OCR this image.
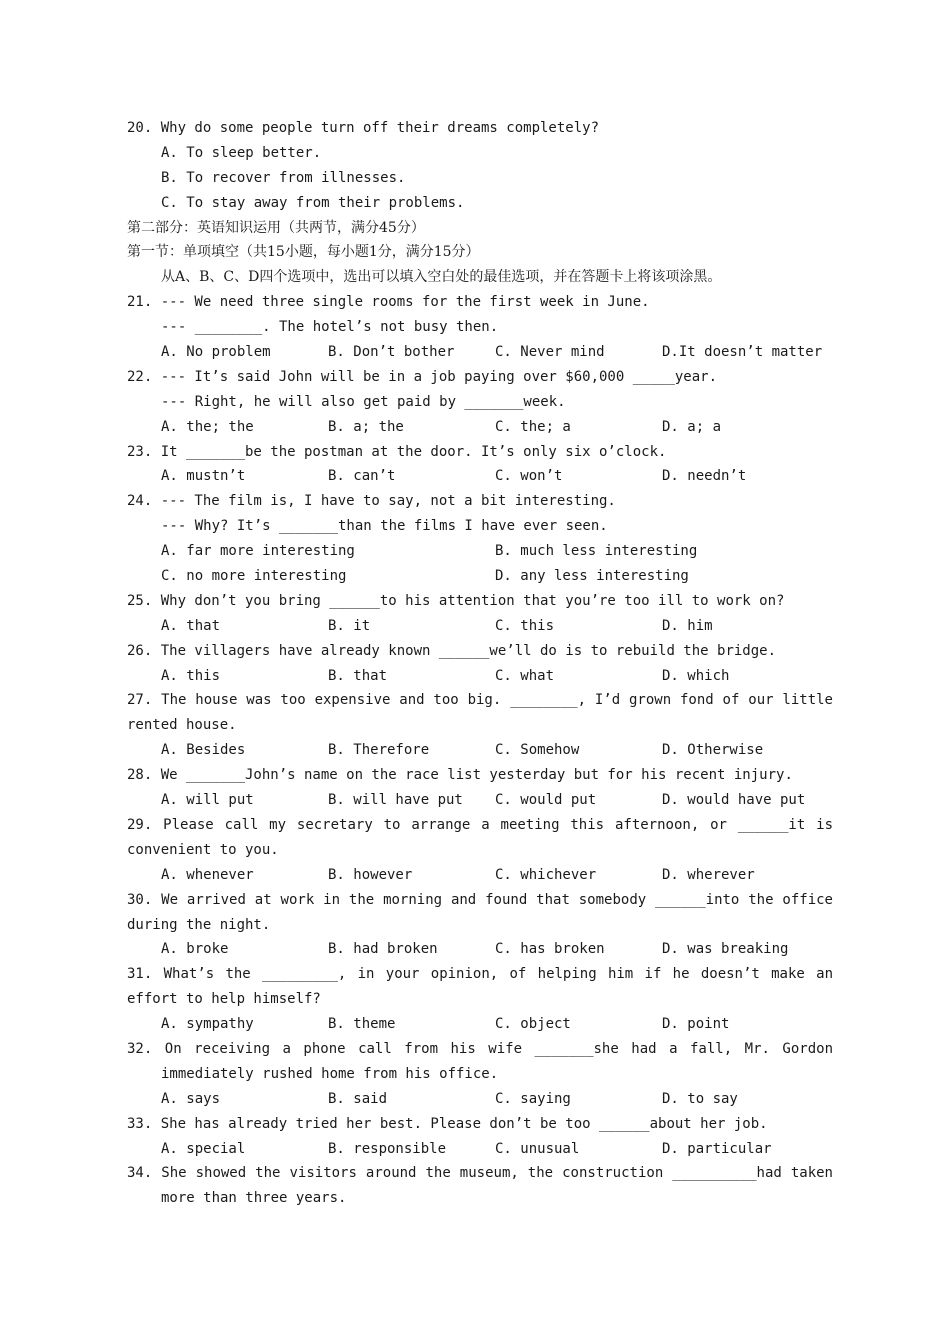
20. Why do some people turn off their dreams completely?
A. To sleep better.
B. To recover from illnesses.
C. To stay away from their problems.
第二部分：英语知识运用（共两节，满分45分）
第一节：单项填空（共15小题，每小题1分，满分15分）
从A、B、C、D四个选项中，选出可以填入空白处的最佳选项，并在答题卡上将该项涂黑。
21. --- We need three single rooms for the first week in June.
--- ________. The hotel’s not busy then.

A. No problem

	B. Don’t bother

	C. Never mind

	D.It doesn’t matter

22. --- It’s said John will be in a job paying over $60,000 _____year.
--- Right, he will also get paid by _______week.

A. the; the

	B. a; the

	C. the; a

	D. a; a

23. It _______be the postman at the door. It’s only six o’clock.

A. mustn’t

	B. can’t

	C. won’t

	D. needn’t

24. --- The film is, I have to say, not a bit interesting.
--- Why? It’s _______than the films I have ever seen.

A. far more interesting

	B. much less interesting

C. no more interesting

	D. any less interesting

25. Why don’t you bring ______to his attention that you’re too ill to work on?

A. that

	B. it

	C. this

	D. him

26. The villagers have already known ______we’ll do is to rebuild the bridge.

A. this

	B. that

	C. what

	D. which

27. The house was too expensive and too big. ________, I’d grown fond of our little
rented house.

A. Besides

	B. Therefore

	C. Somehow

	D. Otherwise

28. We _______John’s name on the race list yesterday but for his recent injury.

A. will put

	B. will have put

C. would put

	D. would have put

29. Please call my secretary to arrange a meeting this afternoon, or ______it is
convenient to you.

A. whenever

	B. however

	C. whichever

	D. wherever

30. We arrived at work in the morning and found that somebody ______into the office
during the night.

A. broke

	B. had broken

	C. has broken

	D. was breaking

31. What’s the _________, in your opinion, of helping him if he doesn’t make an
effort to help himself?

A. sympathy

	B. theme

	C. object

	D. point

32. On receiving a phone call from his wife _______she had a fall, Mr. Gordon
immediately rushed home from his office.

A. says

	B. said

	C. saying

	D. to say

33. She has already tried her best. Please don’t be too ______about her job.

A. special

	B. responsible

	C. unusual

	D. particular

34. She showed the visitors around the museum, the construction __________had taken
more than three years.
